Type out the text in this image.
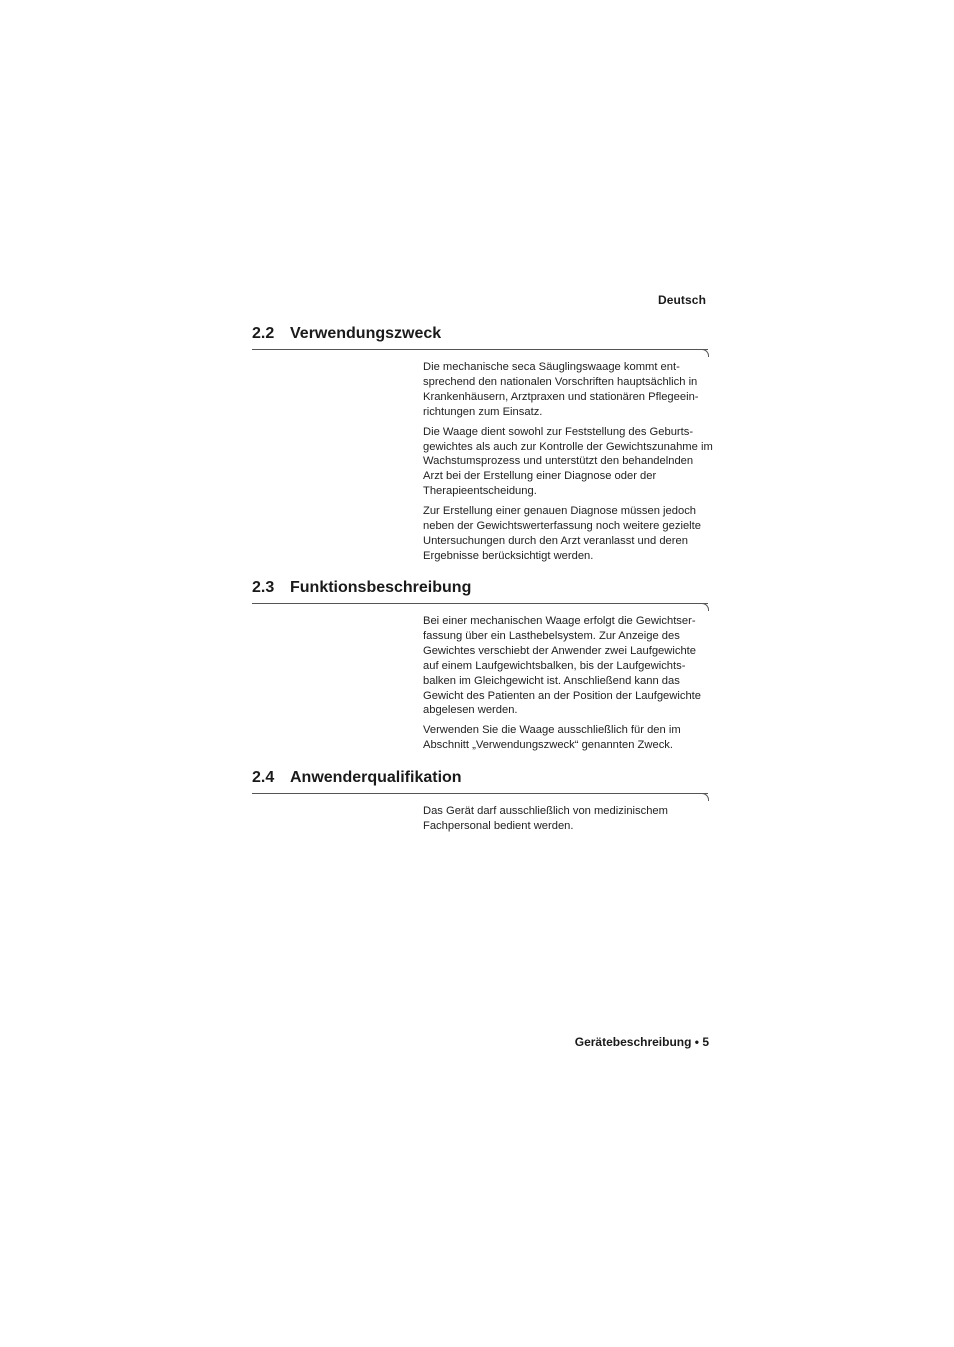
Deutsch
2.2 Verwendungszweck

Die mechanische seca Säuglingswaage kommt ent- sprechend den nationalen Vorschriften hauptsächlich in Krankenhäusern, Arztpraxen und stationären Pflegeein- richtungen zum Einsatz.

Die Waage dient sowohl zur Feststellung des Geburts- gewichtes als auch zur Kontrolle der Gewichtszunahme im Wachstumsprozess und unterstützt den behandelnden Arzt bei der Erstellung einer Diagnose oder der Therapieentscheidung.

Zur Erstellung einer genauen Diagnose müssen jedoch neben der Gewichtswerterfassung noch weitere gezielte Untersuchungen durch den Arzt veranlasst und deren Ergebnisse berücksichtigt werden.

2.3 Funktionsbeschreibung

Bei einer mechanischen Waage erfolgt die Gewichtser- fassung über ein Lasthebelsystem. Zur Anzeige des Gewichtes verschiebt der Anwender zwei Laufgewichte auf einem Laufgewichtsbalken, bis der Laufgewichts- balken im Gleichgewicht ist. Anschließend kann das Gewicht des Patienten an der Position der Laufgewichte abgelesen werden.

Verwenden Sie die Waage ausschließlich für den im Abschnitt „Verwendungszweck“ genannten Zweck.

2.4 Anwenderqualifikation

Das Gerät darf ausschließlich von medizinischem Fachpersonal bedient werden.

Gerätebeschreibung • 5
